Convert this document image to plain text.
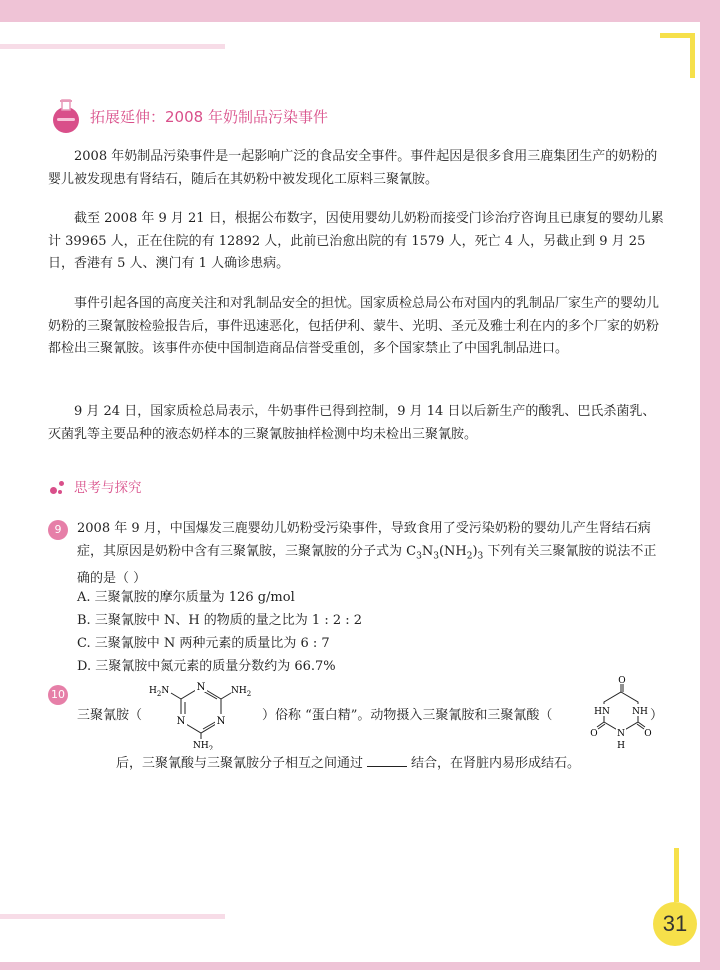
31
拓展延伸：2008 年奶制品污染事件

2008 年奶制品污染事件是一起影响广泛的食品安全事件。事件起因是很多食用三鹿集团生产的奶粉的婴儿被发现患有肾结石，随后在其奶粉中被发现化工原料三聚氰胺。

截至 2008 年 9 月 21 日，根据公布数字，因使用婴幼儿奶粉而接受门诊治疗咨询且已康复的婴幼儿累计 39965 人，正在住院的有 12892 人，此前已治愈出院的有 1579 人，死亡 4 人，另截止到 9 月 25 日，香港有 5 人、澳门有 1 人确诊患病。

事件引起各国的高度关注和对乳制品安全的担忧。国家质检总局公布对国内的乳制品厂家生产的婴幼儿奶粉的三聚氰胺检验报告后，事件迅速恶化，包括伊利、蒙牛、光明、圣元及雅士利在内的多个厂家的奶粉都检出三聚氰胺。该事件亦使中国制造商品信誉受重创，多个国家禁止了中国乳制品进口。

9 月 24 日，国家质检总局表示，牛奶事件已得到控制，9 月 14 日以后新生产的酸乳、巴氏杀菌乳、灭菌乳等主要品种的液态奶样本的三聚氰胺抽样检测中均未检出三聚氰胺。

思考与探究
9	2008 年 9 月，中国爆发三鹿婴幼儿奶粉受污染事件，导致食用了受污染奶粉的婴幼儿产生肾结石病症，其原因是奶粉中含有三聚氰胺，三聚氰胺的分子式为 $C_3N_3(NH_2)_3$ 下列有关三聚氰胺的说法不正确的是（ ）

A. 三聚氰胺的摩尔质量为 126 g/mol
B. 三聚氰胺中 N、H 的物质的量之比为 1 : 2 : 2
C. 三聚氰胺中 N 两种元素的质量比为 6 : 7
D. 三聚氰胺中氮元素的质量分数约为 66.7%
10
三聚氰胺（
N
N
N
$NH_2$
$H_2N$
$NH_2$
）俗称 “蛋白精”。动物摄入三聚氰胺和三聚氰酸（
O
O
O
HN NH
N
H
）
后，三聚氰酸与三聚氰胺分子相互之间通过	结合，在肾脏内易形成结石。
